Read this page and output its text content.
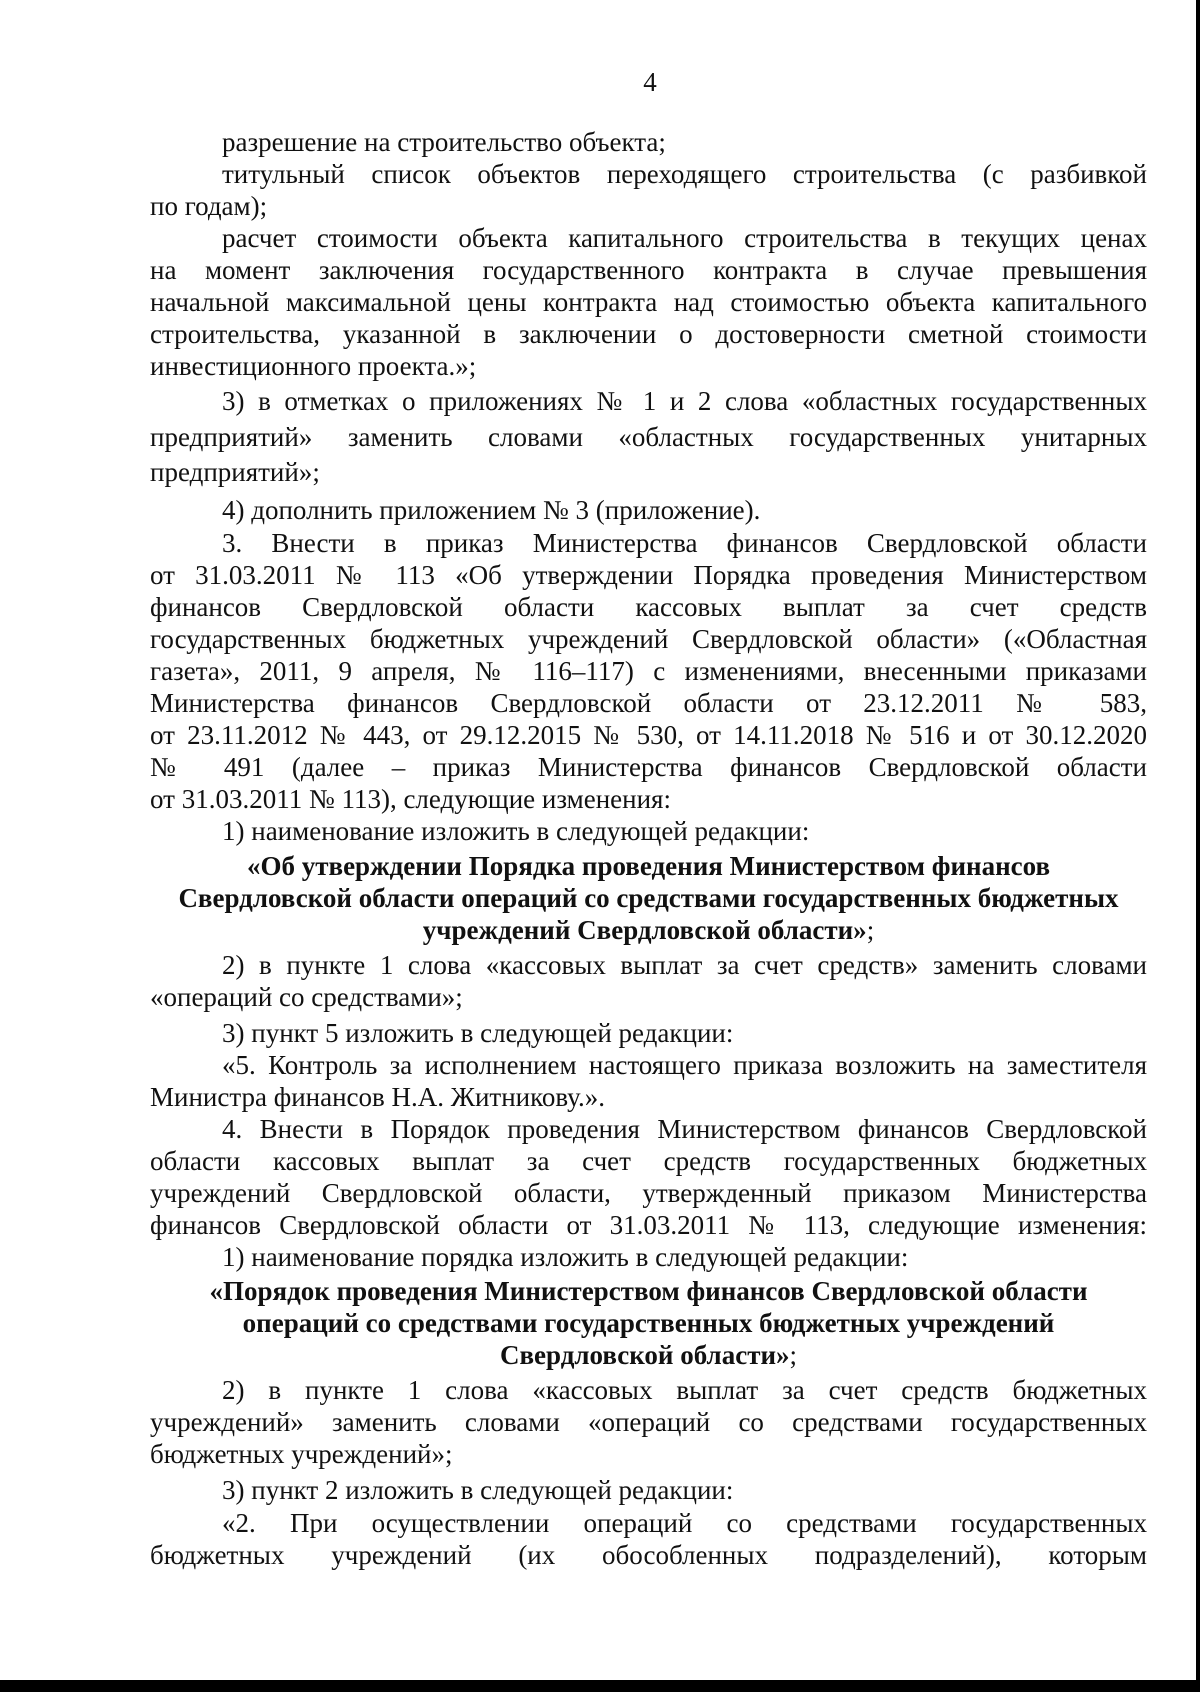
4
разрешение на строительство объекта;
титульный список объектов переходящего строительства (с разбивкой
по годам);
расчет стоимости объекта капитального строительства в текущих ценах
на момент заключения государственного контракта в случае превышения
начальной максимальной цены контракта над стоимостью объекта капитального
строительства, указанной в заключении о достоверности сметной стоимости
инвестиционного проекта.»;
3) в отметках о приложениях № 1 и 2 слова «областных государственных
предприятий» заменить словами «областных государственных унитарных
предприятий»;
4) дополнить приложением № 3 (приложение).
3. Внести в приказ Министерства финансов Свердловской области
от 31.03.2011 № 113 «Об утверждении Порядка проведения Министерством
финансов Свердловской области кассовых выплат за счет средств
государственных бюджетных учреждений Свердловской области» («Областная
газета», 2011, 9 апреля, № 116–117) с изменениями, внесенными приказами
Министерства финансов Свердловской области от 23.12.2011 № 583,
от 23.11.2012 № 443, от 29.12.2015 № 530, от 14.11.2018 № 516 и от 30.12.2020
№ 491 (далее – приказ Министерства финансов Свердловской области
от 31.03.2011 № 113), следующие изменения:
1) наименование изложить в следующей редакции:
«Об утверждении Порядка проведения Министерством финансов
Свердловской области операций со средствами государственных бюджетных
учреждений Свердловской области»;
2) в пункте 1 слова «кассовых выплат за счет средств» заменить словами
«операций со средствами»;
3) пункт 5 изложить в следующей редакции:
«5. Контроль за исполнением настоящего приказа возложить на заместителя
Министра финансов Н.А. Житникову.».
4. Внести в Порядок проведения Министерством финансов Свердловской
области кассовых выплат за счет средств государственных бюджетных
учреждений Свердловской области, утвержденный приказом Министерства
финансов Свердловской области от 31.03.2011 № 113, следующие изменения:
1) наименование порядка изложить в следующей редакции:
«Порядок проведения Министерством финансов Свердловской области
операций со средствами государственных бюджетных учреждений
Свердловской области»;
2) в пункте 1 слова «кассовых выплат за счет средств бюджетных
учреждений» заменить словами «операций со средствами государственных
бюджетных учреждений»;
3) пункт 2 изложить в следующей редакции:
«2. При осуществлении операций со средствами государственных
бюджетных учреждений (их обособленных подразделений), которым
